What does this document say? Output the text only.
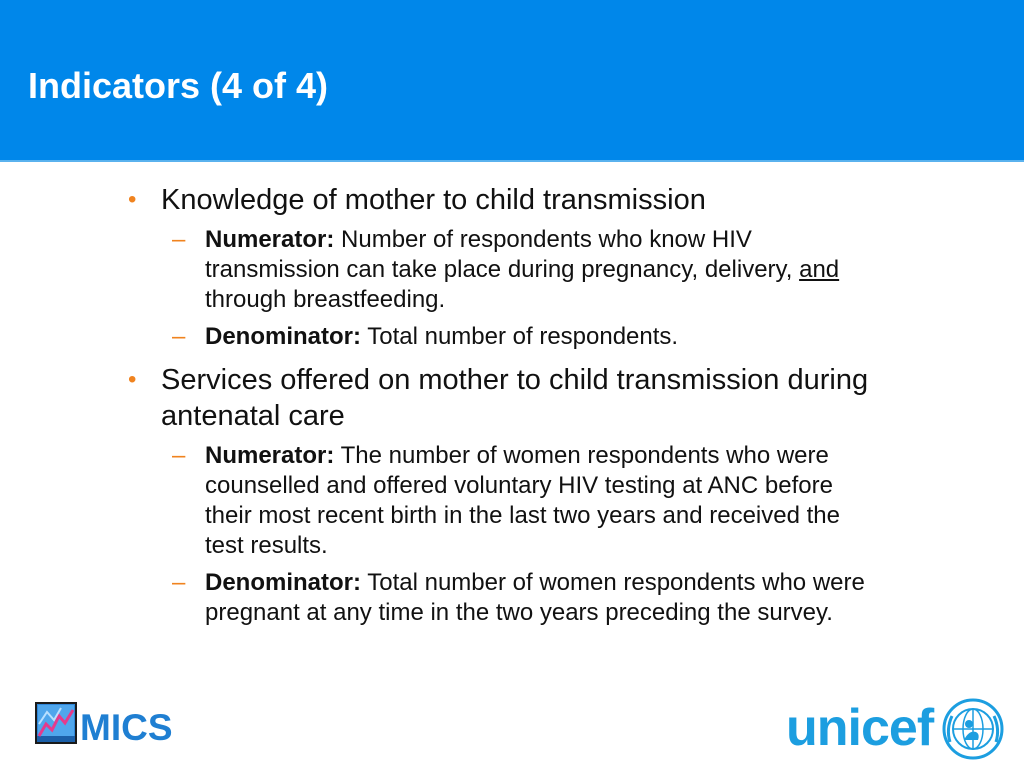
Indicators (4 of 4)

• Knowledge of mother to child transmission

– Numerator: Number of respondents who know HIV transmission can take place during pregnancy, delivery, and through breastfeeding.

– Denominator: Total number of respondents.

• Services offered on mother to child transmission during antenatal care

– Numerator: The number of women respondents who were counselled and offered voluntary HIV testing at ANC before their most recent birth in the last two years and received the test results.

– Denominator: Total number of women respondents who were pregnant at any time in the two years preceding the survey.

MICS	unicef
